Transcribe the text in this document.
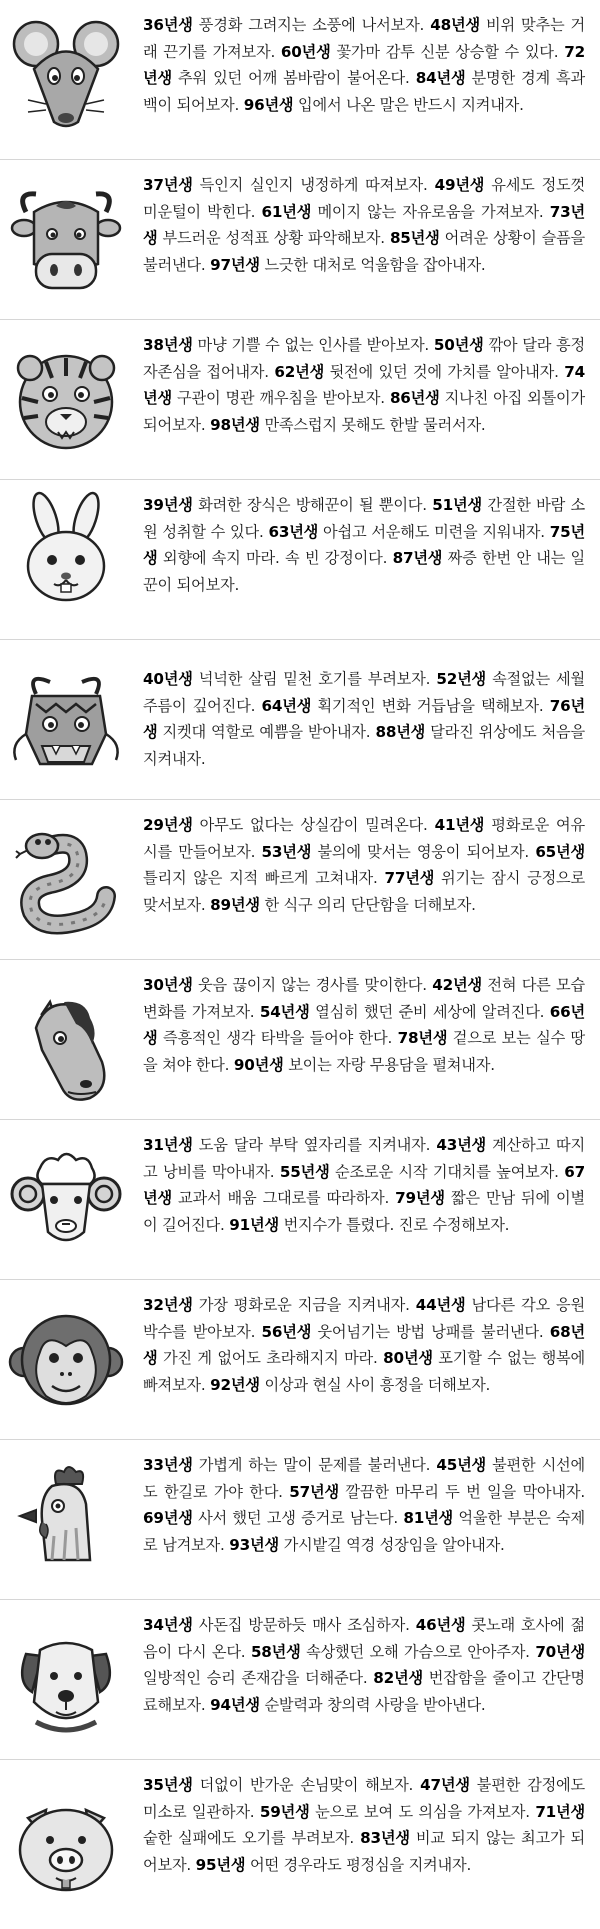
36년생 풍경화 그려지는 소풍에 나서보자. 48년생 비위 맞추는 거래 끈기를 가져보자. 60년생 꽃가마 감투 신분 상승할 수 있다. 72년생 추워 있던 어깨 봄바람이 불어온다. 84년생 분명한 경계 흑과 백이 되어보자. 96년생 입에서 나온 말은 반드시 지켜내자.

37년생 득인지 실인지 냉정하게 따져보자. 49년생 유세도 정도껏 미운털이 박힌다. 61년생 메이지 않는 자유로움을 가져보자. 73년생 부드러운 성적표 상황 파악해보자. 85년생 어려운 상황이 슬픔을 불러낸다. 97년생 느긋한 대처로 억울함을 잡아내자.

38년생 마냥 기쁠 수 없는 인사를 받아보자. 50년생 깎아 달라 흥정 자존심을 접어내자. 62년생 뒷전에 있던 것에 가치를 알아내자. 74년생 구관이 명관 깨우침을 받아보자. 86년생 지나친 아집 외톨이가 되어보자. 98년생 만족스럽지 못해도 한발 물러서자.

39년생 화려한 장식은 방해꾼이 될 뿐이다. 51년생 간절한 바람 소원 성취할 수 있다. 63년생 아쉽고 서운해도 미련을 지워내자. 75년생 외향에 속지 마라. 속 빈 강정이다. 87년생 짜증 한번 안 내는 일꾼이 되어보자.

40년생 넉넉한 살림 밑천 호기를 부려보자. 52년생 속절없는 세월 주름이 깊어진다. 64년생 획기적인 변화 거듭남을 택해보자. 76년생 지켓대 역할로 예쁨을 받아내자. 88년생 달라진 위상에도 처음을 지켜내자.

29년생 아무도 없다는 상실감이 밀려온다. 41년생 평화로운 여유 시를 만들어보자. 53년생 불의에 맞서는 영웅이 되어보자. 65년생 틀리지 않은 지적 빠르게 고쳐내자. 77년생 위기는 잠시 긍정으로 맞서보자. 89년생 한 식구 의리 단단함을 더해보자.

30년생 웃음 끊이지 않는 경사를 맞이한다. 42년생 전혀 다른 모습 변화를 가져보자. 54년생 열심히 했던 준비 세상에 알려진다. 66년생 즉흥적인 생각 타박을 들어야 한다. 78년생 겉으로 보는 실수 땅을 쳐야 한다. 90년생 보이는 자랑 무용담을 펼쳐내자.

31년생 도움 달라 부탁 옆자리를 지켜내자. 43년생 계산하고 따지고 낭비를 막아내자. 55년생 순조로운 시작 기대치를 높여보자. 67년생 교과서 배움 그대로를 따라하자. 79년생 짧은 만남 뒤에 이별이 길어진다. 91년생 번지수가 틀렸다. 진로 수정해보자.

32년생 가장 평화로운 지금을 지켜내자. 44년생 남다른 각오 응원 박수를 받아보자. 56년생 웃어넘기는 방법 낭패를 불러낸다. 68년생 가진 게 없어도 초라해지지 마라. 80년생 포기할 수 없는 행복에 빠져보자. 92년생 이상과 현실 사이 흥정을 더해보자.

33년생 가볍게 하는 말이 문제를 불러낸다. 45년생 불편한 시선에도 한길로 가야 한다. 57년생 깔끔한 마무리 두 번 일을 막아내자. 69년생 사서 했던 고생 증거로 남는다. 81년생 억울한 부분은 숙제로 남겨보자. 93년생 가시밭길 역경 성장임을 알아내자.

34년생 사돈집 방문하듯 매사 조심하자. 46년생 콧노래 호사에 젊음이 다시 온다. 58년생 속상했던 오해 가슴으로 안아주자. 70년생 일방적인 승리 존재감을 더해준다. 82년생 번잡함을 줄이고 간단명료해보자. 94년생 순발력과 창의력 사랑을 받아낸다.

35년생 더없이 반가운 손님맞이 해보자. 47년생 불편한 감정에도 미소로 일관하자. 59년생 눈으로 보여 도 의심을 가져보자. 71년생 숱한 실패에도 오기를 부려보자. 83년생 비교 되지 않는 최고가 되어보자. 95년생 어떤 경우라도 평정심을 지켜내자.
